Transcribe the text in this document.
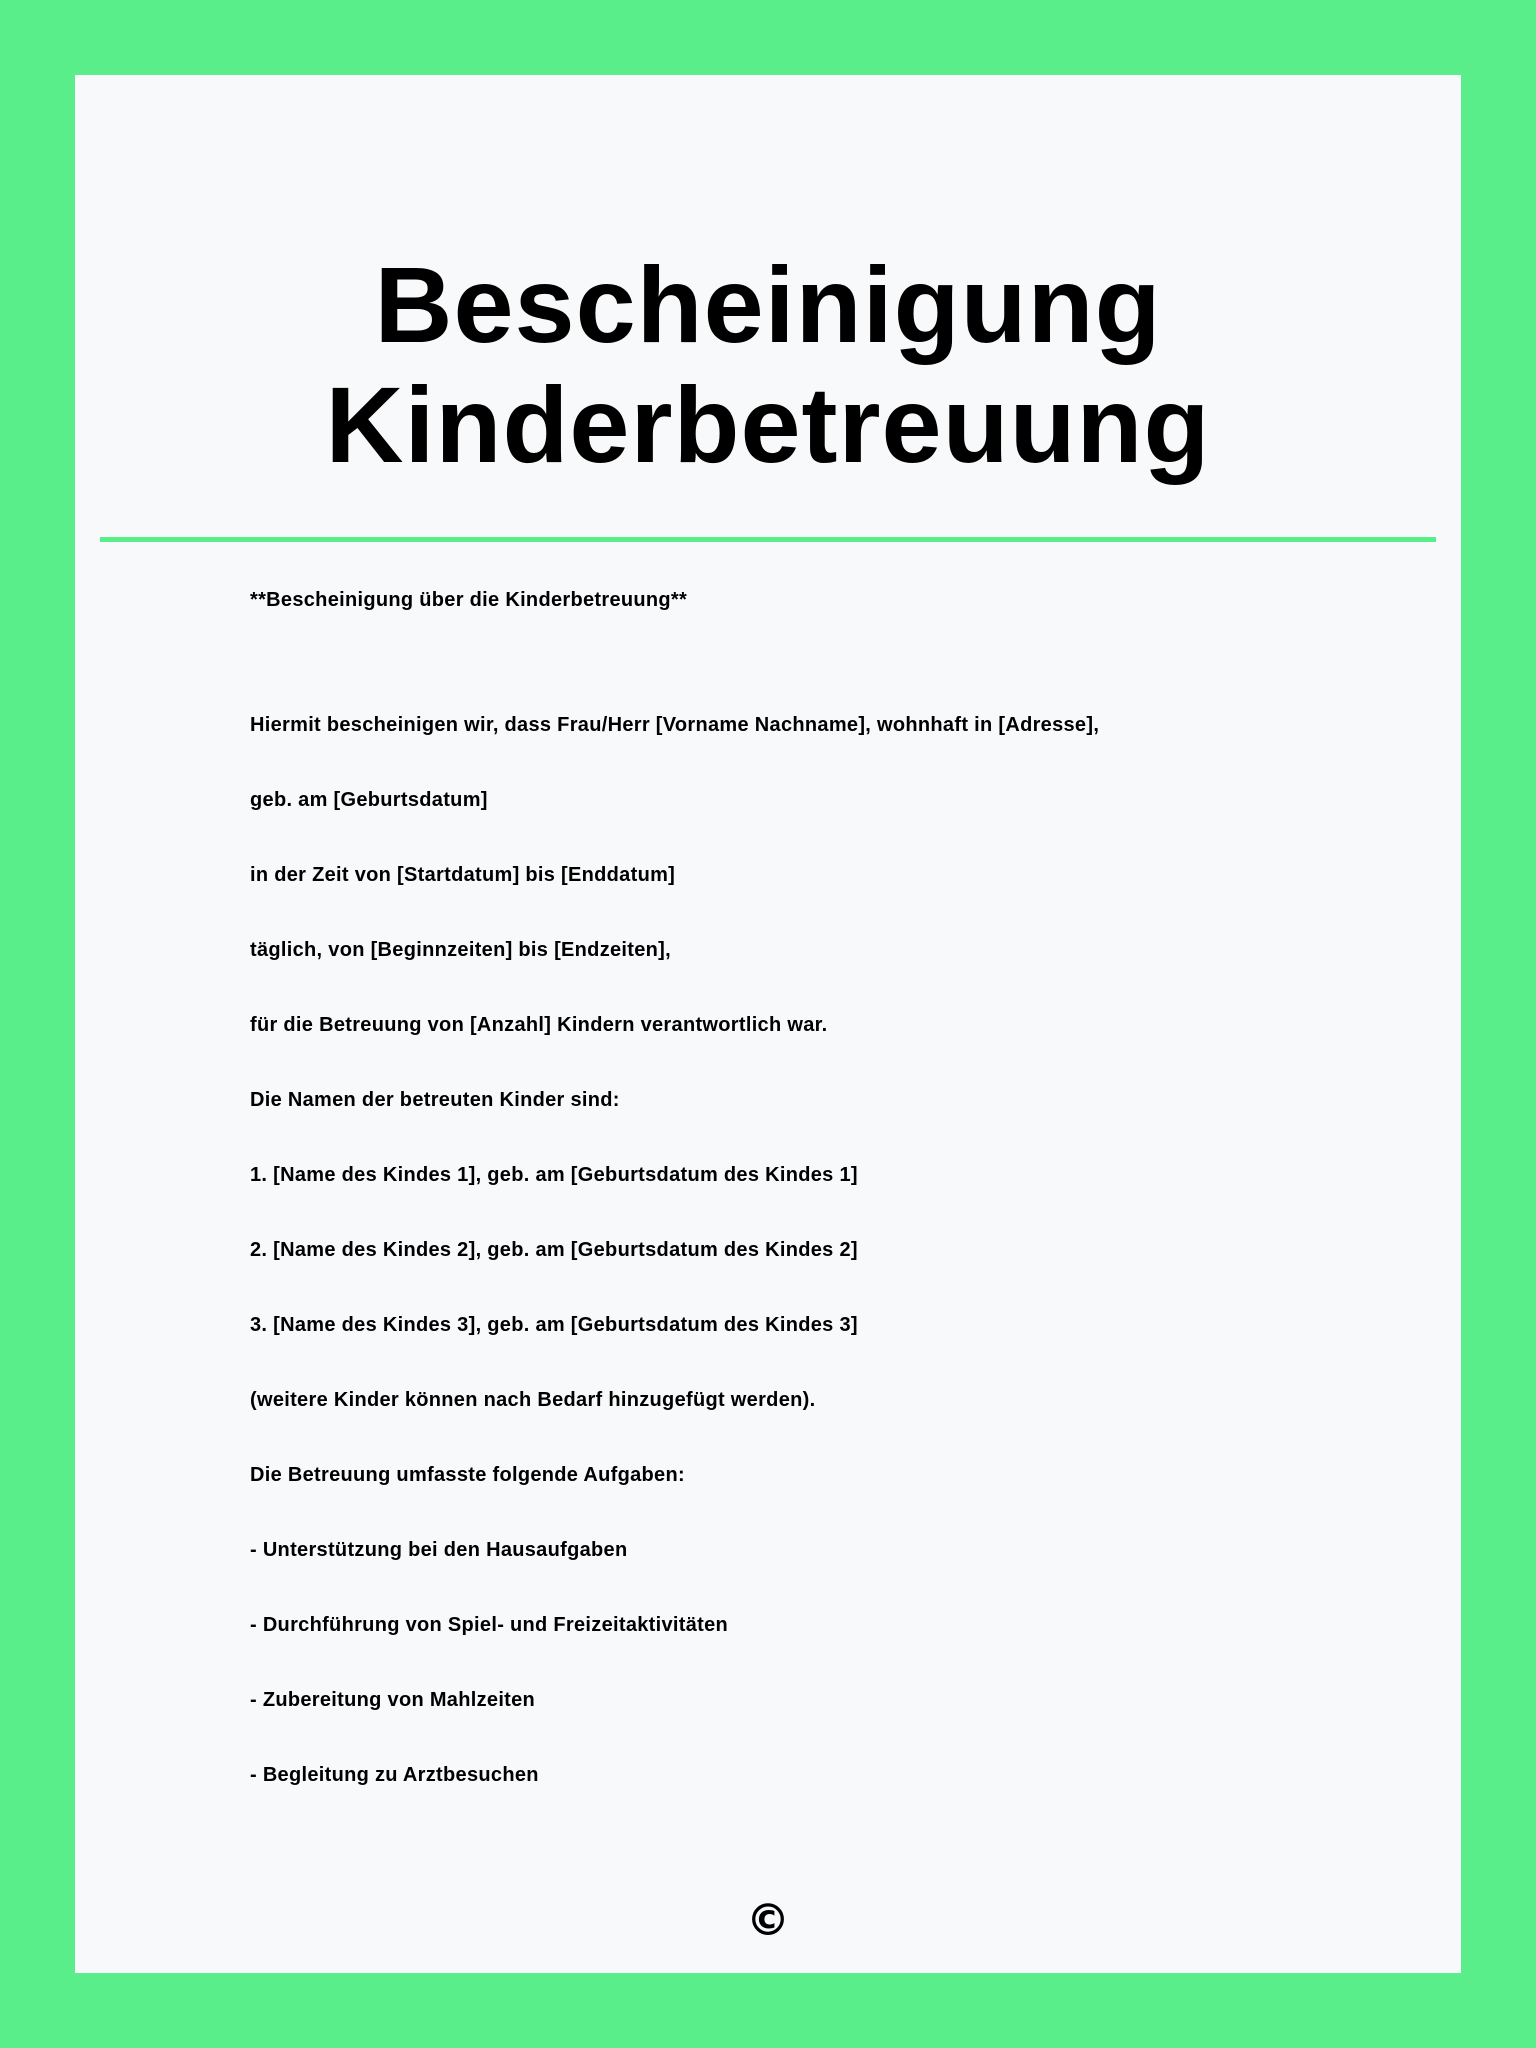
Bescheinigung
Kinderbetreuung
**Bescheinigung über die Kinderbetreuung**
Hiermit bescheinigen wir, dass Frau/Herr [Vorname Nachname], wohnhaft in [Adresse],
geb. am [Geburtsdatum]
in der Zeit von [Startdatum] bis [Enddatum]
täglich, von [Beginnzeiten] bis [Endzeiten],
für die Betreuung von [Anzahl] Kindern verantwortlich war.
Die Namen der betreuten Kinder sind:
1. [Name des Kindes 1], geb. am [Geburtsdatum des Kindes 1]
2. [Name des Kindes 2], geb. am [Geburtsdatum des Kindes 2]
3. [Name des Kindes 3], geb. am [Geburtsdatum des Kindes 3]
(weitere Kinder können nach Bedarf hinzugefügt werden).
Die Betreuung umfasste folgende Aufgaben:
- Unterstützung bei den Hausaufgaben
- Durchführung von Spiel- und Freizeitaktivitäten
- Zubereitung von Mahlzeiten
- Begleitung zu Arztbesuchen
©
